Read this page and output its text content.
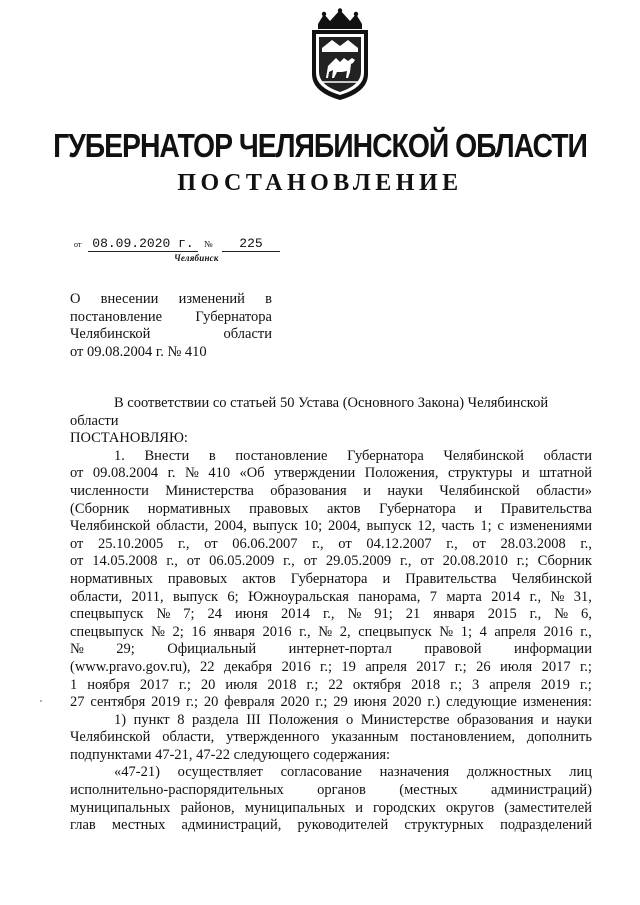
ГУБЕРНАТОР ЧЕЛЯБИНСКОЙ ОБЛАСТИ
ПОСТАНОВЛЕНИЕ
от 08.09.2020 г.	№	225
Челябинск
О внесении изменений в
постановление Губернатора
Челябинской	области
от 09.08.2004 г. № 410
В соответствии со статьей 50 Устава (Основного Закона) Челябинской
области
ПОСТАНОВЛЯЮ:
1. Внести в постановление Губернатора Челябинской области
от 09.08.2004 г. № 410 «Об утверждении Положения, структуры и штатной
численности Министерства образования и науки Челябинской области»
(Сборник нормативных правовых актов Губернатора и Правительства
Челябинской области, 2004, выпуск 10; 2004, выпуск 12, часть 1; с изменениями
от 25.10.2005 г., от 06.06.2007 г., от 04.12.2007 г., от 28.03.2008 г.,
от 14.05.2008 г., от 06.05.2009 г., от 29.05.2009 г., от 20.08.2010 г.; Сборник
нормативных правовых актов Губернатора и Правительства Челябинской
области, 2011, выпуск 6; Южноуральская панорама, 7 марта 2014 г., № 31,
спецвыпуск № 7; 24 июня 2014 г., № 91; 21 января 2015 г., № 6,
спецвыпуск № 2; 16 января 2016 г., № 2, спецвыпуск № 1; 4 апреля 2016 г.,
№ 29; Официальный интернет-портал правовой информации
(www.pravo.gov.ru), 22 декабря 2016 г.; 19 апреля 2017 г.; 26 июля 2017 г.;
1 ноября 2017 г.; 20 июля 2018 г.; 22 октября 2018 г.; 3 апреля 2019 г.;
27 сентября 2019 г.; 20 февраля 2020 г.; 29 июня 2020 г.) следующие изменения:
1) пункт 8 раздела III Положения о Министерстве образования и науки
Челябинской области, утвержденного указанным постановлением, дополнить
подпунктами 47-21, 47-22 следующего содержания:
«47-21) осуществляет согласование назначения должностных лиц
исполнительно-распорядительных органов (местных администраций)
муниципальных районов, муниципальных и городских округов (заместителей
глав местных администраций, руководителей структурных подразделений
